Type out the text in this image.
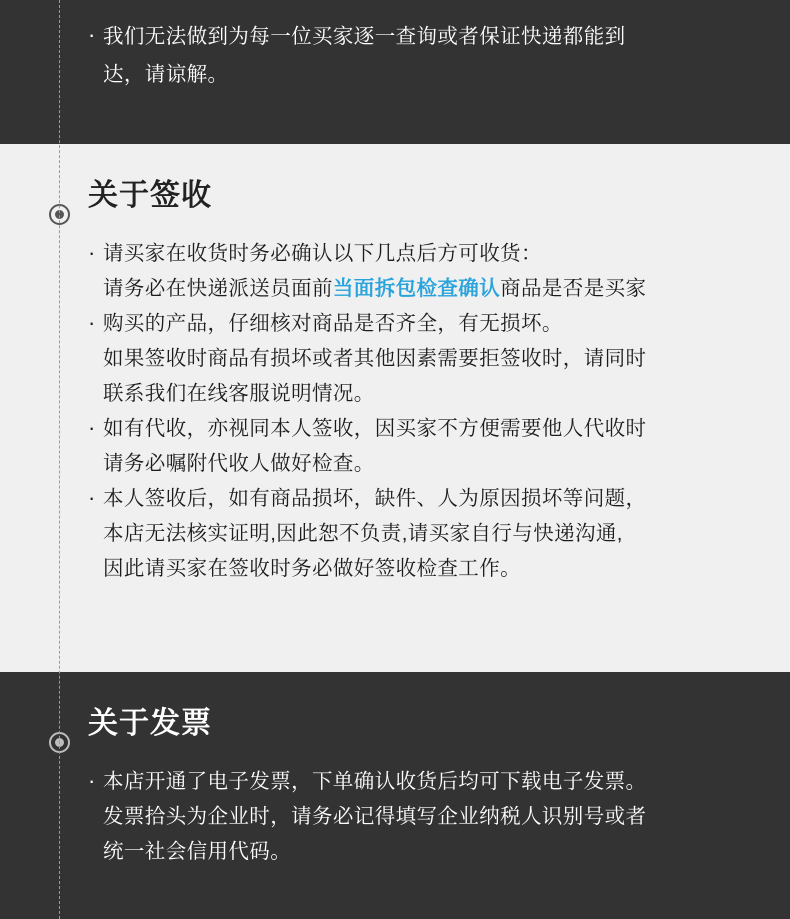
· 我们无法做到为每一位买家逐一查询或者保证快递都能到
达，请谅解。
关于签收
· 请买家在收货时务必确认以下几点后方可收货：
请务必在快递派送员面前当面拆包检查确认商品是否是买家
· 购买的产品，仔细核对商品是否齐全，有无损坏。
如果签收时商品有损坏或者其他因素需要拒签收时，请同时
联系我们在线客服说明情况。
· 如有代收，亦视同本人签收，因买家不方便需要他人代收时
请务必嘱附代收人做好检查。
· 本人签收后，如有商品损坏，缺件、人为原因损坏等问题，
本店无法核实证明,因此恕不负责,请买家自行与快递沟通,
因此请买家在签收时务必做好签收检查工作。
关于发票
· 本店开通了电子发票，下单确认收货后均可下载电子发票。
发票拾头为企业时，请务必记得填写企业纳税人识别号或者
统一社会信用代码。
